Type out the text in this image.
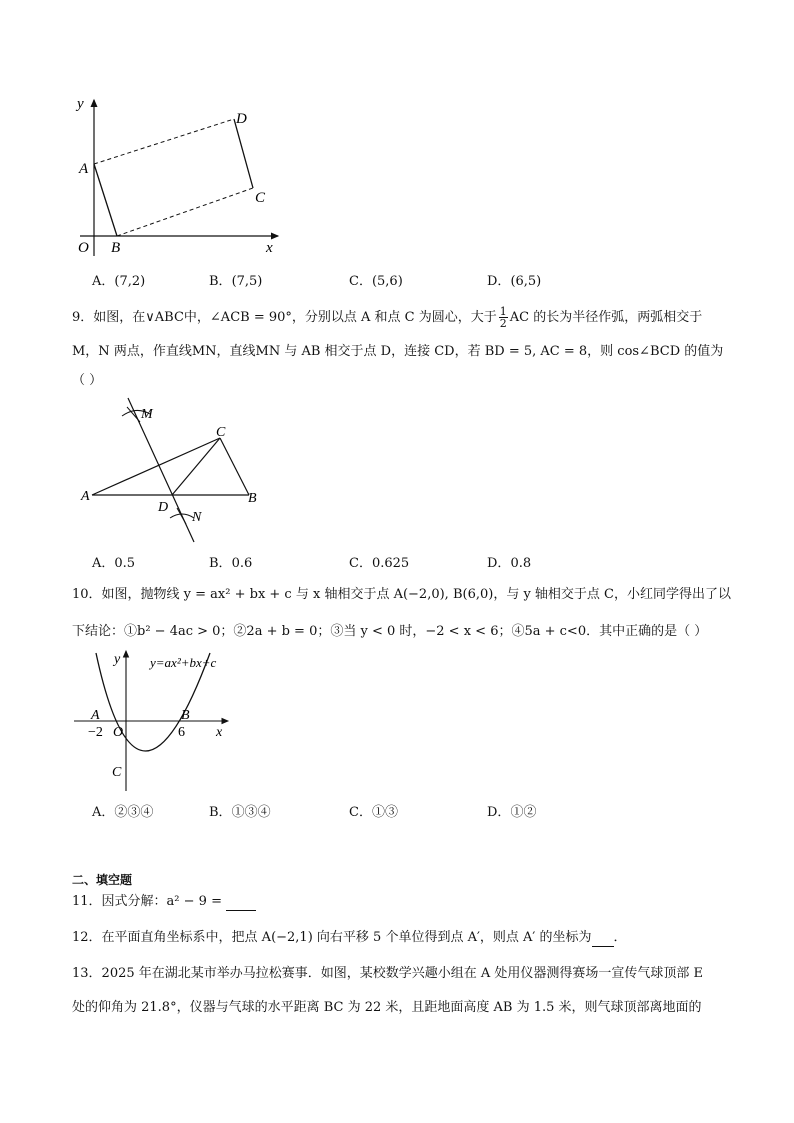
y
x
O
A
B
C
D
A．(7,2)	B．(7,5)	C．(5,6)	D．(6,5)
9．如图，在∨ABC中，∠ACB = 90°，分别以点 A 和点 C 为圆心，大于 $\frac{1}{2}$ AC 的长为半径作弧，两弧相交于
M，N 两点，作直线MN，直线MN 与 AB 相交于点 D，连接 CD，若 BD = 5, AC = 8，则 cos∠BCD 的值为
（ ）
M
N
C
A	B
D
A．0.5	B．0.6	C．0.625	D．0.8
10．如图，抛物线 y = ax² + bx + c 与 x 轴相交于点 A(−2,0), B(6,0)，与 y 轴相交于点 C，小红同学得出了以
下结论：①b² − 4ac > 0；②2a + b = 0；③当 y < 0 时，−2 < x < 6；④5a + c<0．其中正确的是（ ）
y y=ax²+bx+c
A	B
−2 O	6 x
C
A．②③④	B．①③④	C．①③	D．①②
二、填空题
11．因式分解：a² − 9 =
12．在平面直角坐标系中，把点 A(−2,1) 向右平移 5 个单位得到点 A′，则点 A′ 的坐标为 ．
13．2025 年在湖北某市举办马拉松赛事．如图，某校数学兴趣小组在 A 处用仪器测得赛场一宣传气球顶部 E
处的仰角为 21.8°，仪器与气球的水平距离 BC 为 22 米，且距地面高度 AB 为 1.5 米，则气球顶部离地面的
